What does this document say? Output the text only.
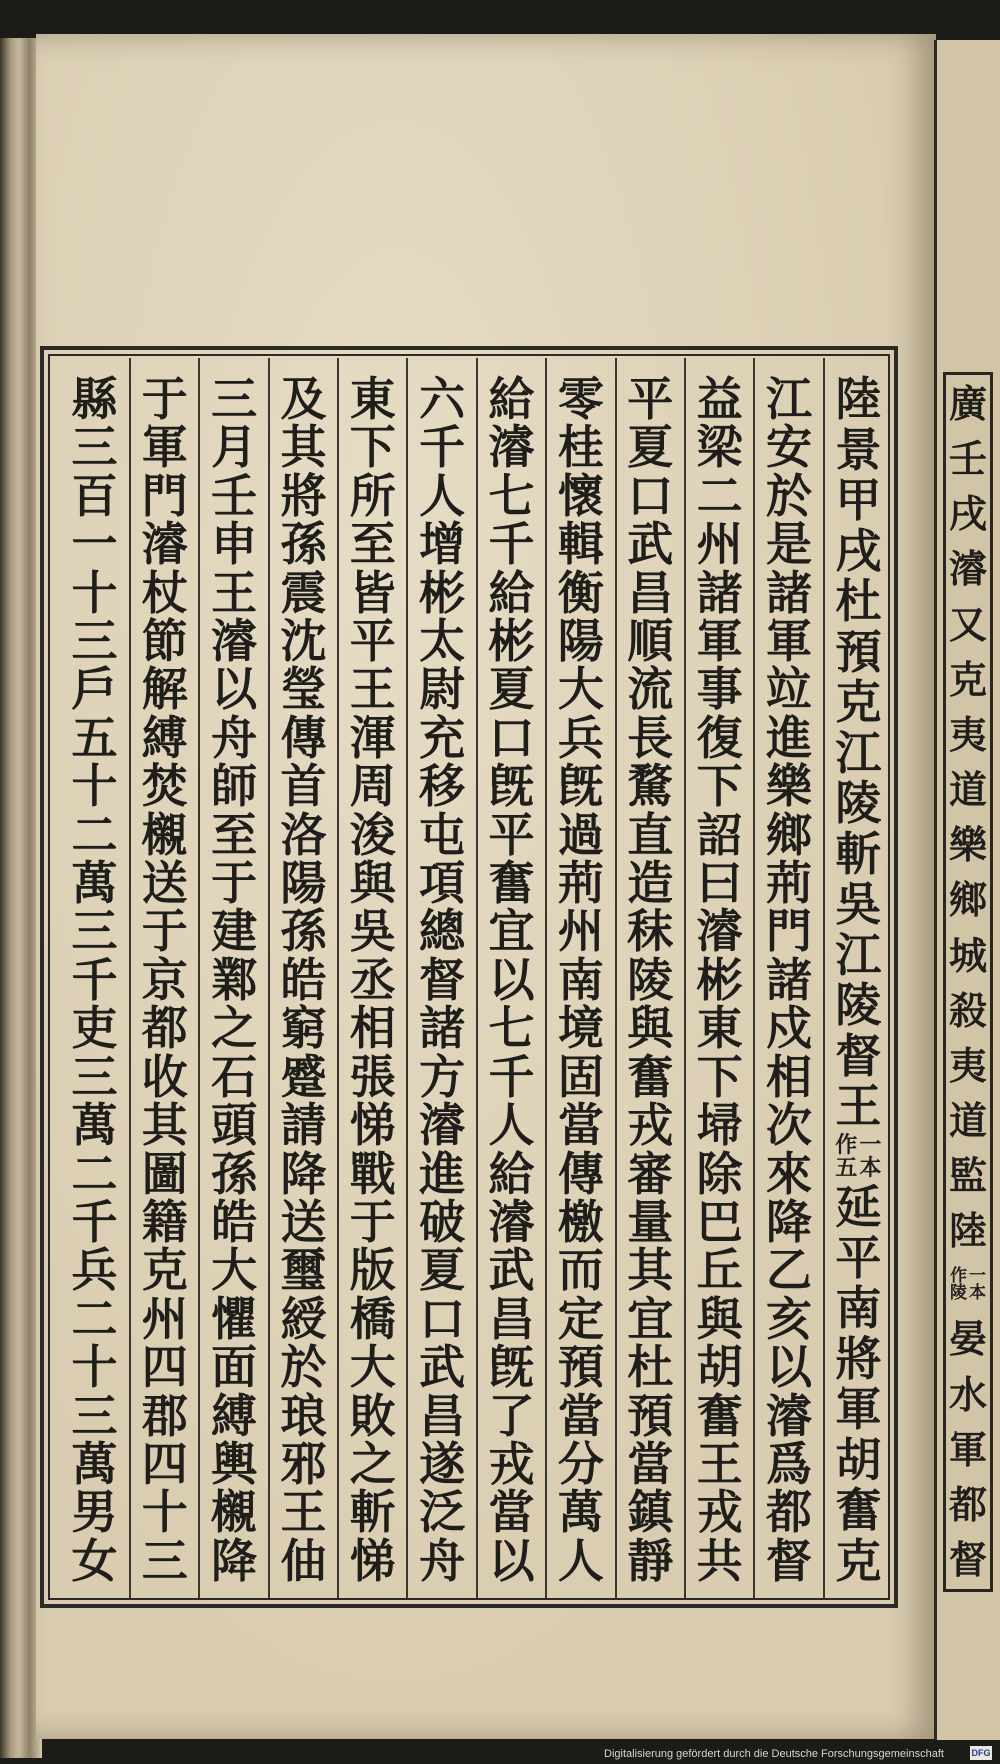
廣
壬
戌
濬
又
克
夷
道
樂
鄉
城
殺
夷
道
監
陸
一
本
作
陵
晏
水
軍
都
督
陸
景
甲
戌
杜
預
克
江
陵
斬
吳
江
陵
督
王
一
本
作
五
延
平
南
將
軍
胡
奮
克
江
安
於
是
諸
軍
竝
進
樂
鄉
荊
門
諸
戍
相
次
來
降
乙
亥
以
濬
爲
都
督
益
梁
二
州
諸
軍
事
復
下
詔
曰
濬
彬
東
下
埽
除
巴
丘
與
胡
奮
王
戎
共
平
夏
口
武
昌
順
流
長
騖
直
造
秣
陵
與
奮
戎
審
量
其
宜
杜
預
當
鎮
靜
零
桂
懷
輯
衡
陽
大
兵
旣
過
荊
州
南
境
固
當
傳
檄
而
定
預
當
分
萬
人
給
濬
七
千
給
彬
夏
口
旣
平
奮
宜
以
七
千
人
給
濬
武
昌
旣
了
戎
當
以
六
千
人
增
彬
太
尉
充
移
屯
項
總
督
諸
方
濬
進
破
夏
口
武
昌
遂
泛
舟
東
下
所
至
皆
平
王
渾
周
浚
與
吳
丞
相
張
悌
戰
于
版
橋
大
敗
之
斬
悌
及
其
將
孫
震
沈
瑩
傳
首
洛
陽
孫
皓
窮
蹙
請
降
送
璽
綬
於
琅
邪
王
伷
三
月
壬
申
王
濬
以
舟
師
至
于
建
鄴
之
石
頭
孫
皓
大
懼
面
縛
輿
櫬
降
于
軍
門
濬
杖
節
解
縛
焚
櫬
送
于
京
都
收
其
圖
籍
克
州
四
郡
四
十
三
縣
三
百
一
十
三
戶
五
十
二
萬
三
千
吏
三
萬
二
千
兵
二
十
三
萬
男
女
Digitalisierung gefördert durch die Deutsche Forschungsgemeinschaft	DFG
